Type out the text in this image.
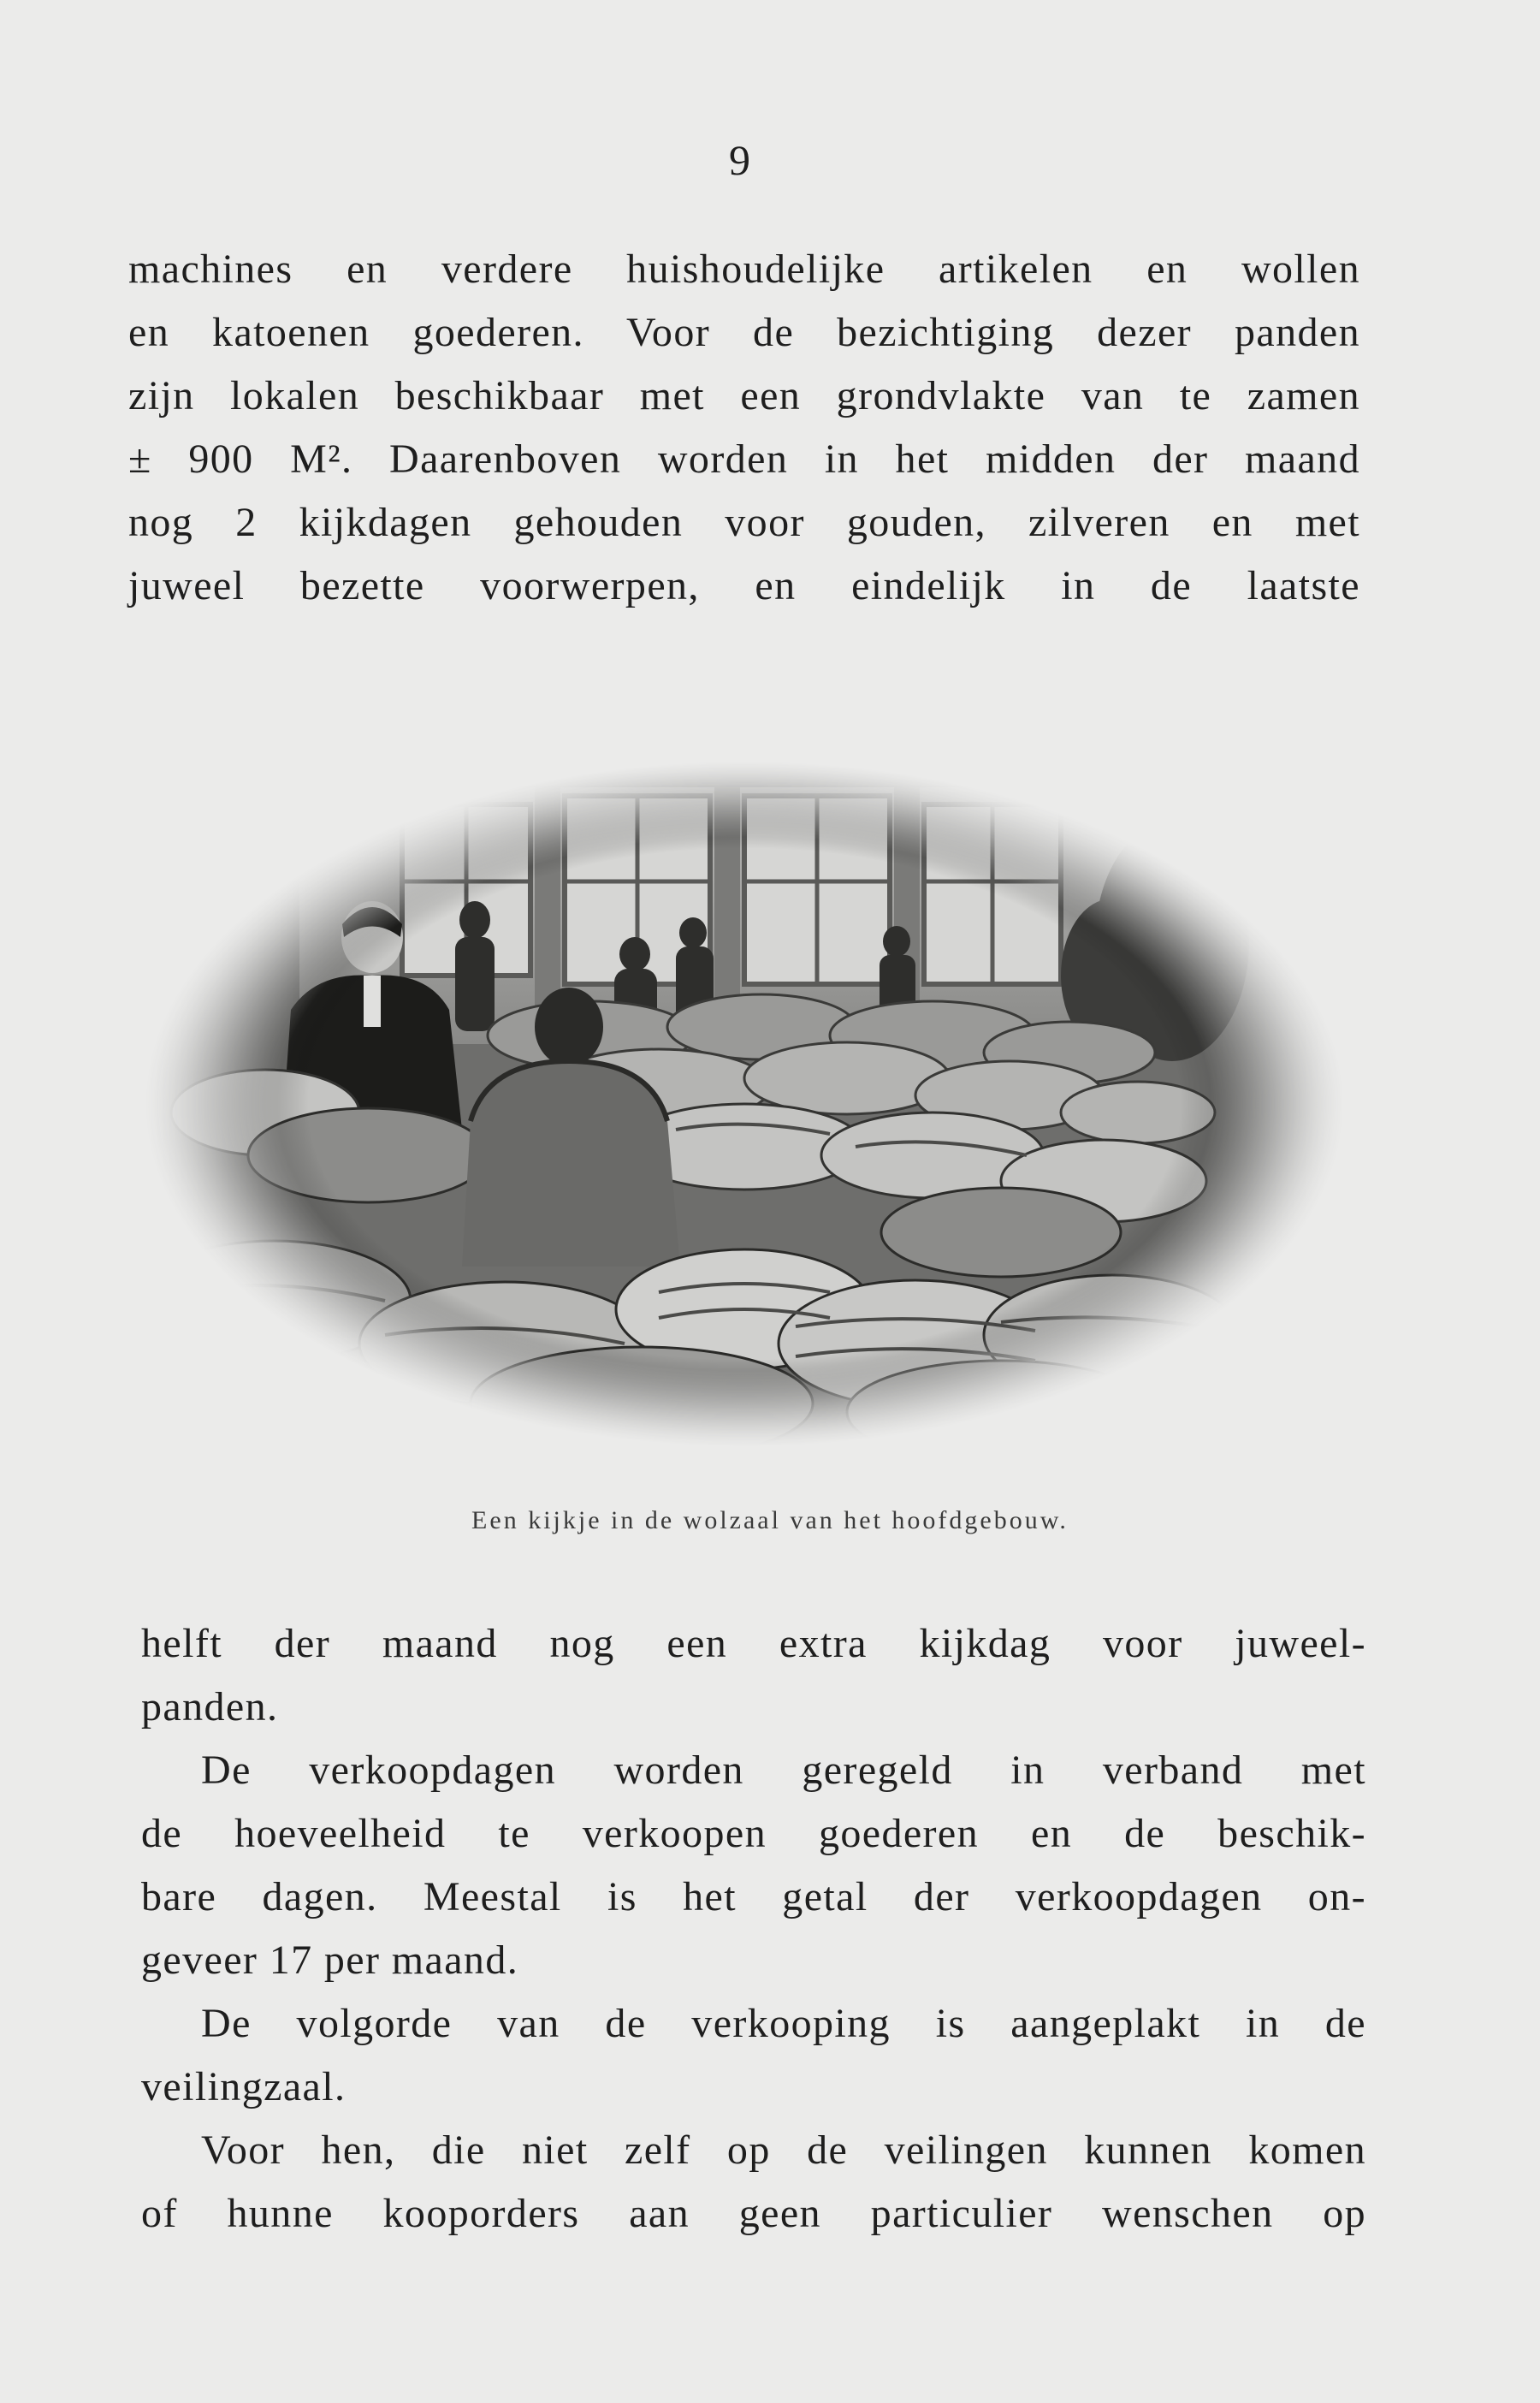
9

machines en verdere huishoudelijke artikelen en wollen

en katoenen goederen. Voor de bezichtiging dezer panden

zijn lokalen beschikbaar met een grondvlakte van te zamen

± 900 M². Daarenboven worden in het midden der maand

nog 2 kijkdagen gehouden voor gouden, zilveren en met

juweel bezette voorwerpen, en eindelijk in de laatste

Een kijkje in de wolzaal van het hoofdgebouw.

helft der maand nog een extra kijkdag voor juweel-

panden.

De verkoopdagen worden geregeld in verband met

de hoeveelheid te verkoopen goederen en de beschik-

bare dagen. Meestal is het getal der verkoopdagen on-

geveer 17 per maand.

De volgorde van de verkooping is aangeplakt in de

veilingzaal.

Voor hen, die niet zelf op de veilingen kunnen komen

of hunne kooporders aan geen particulier wenschen op
